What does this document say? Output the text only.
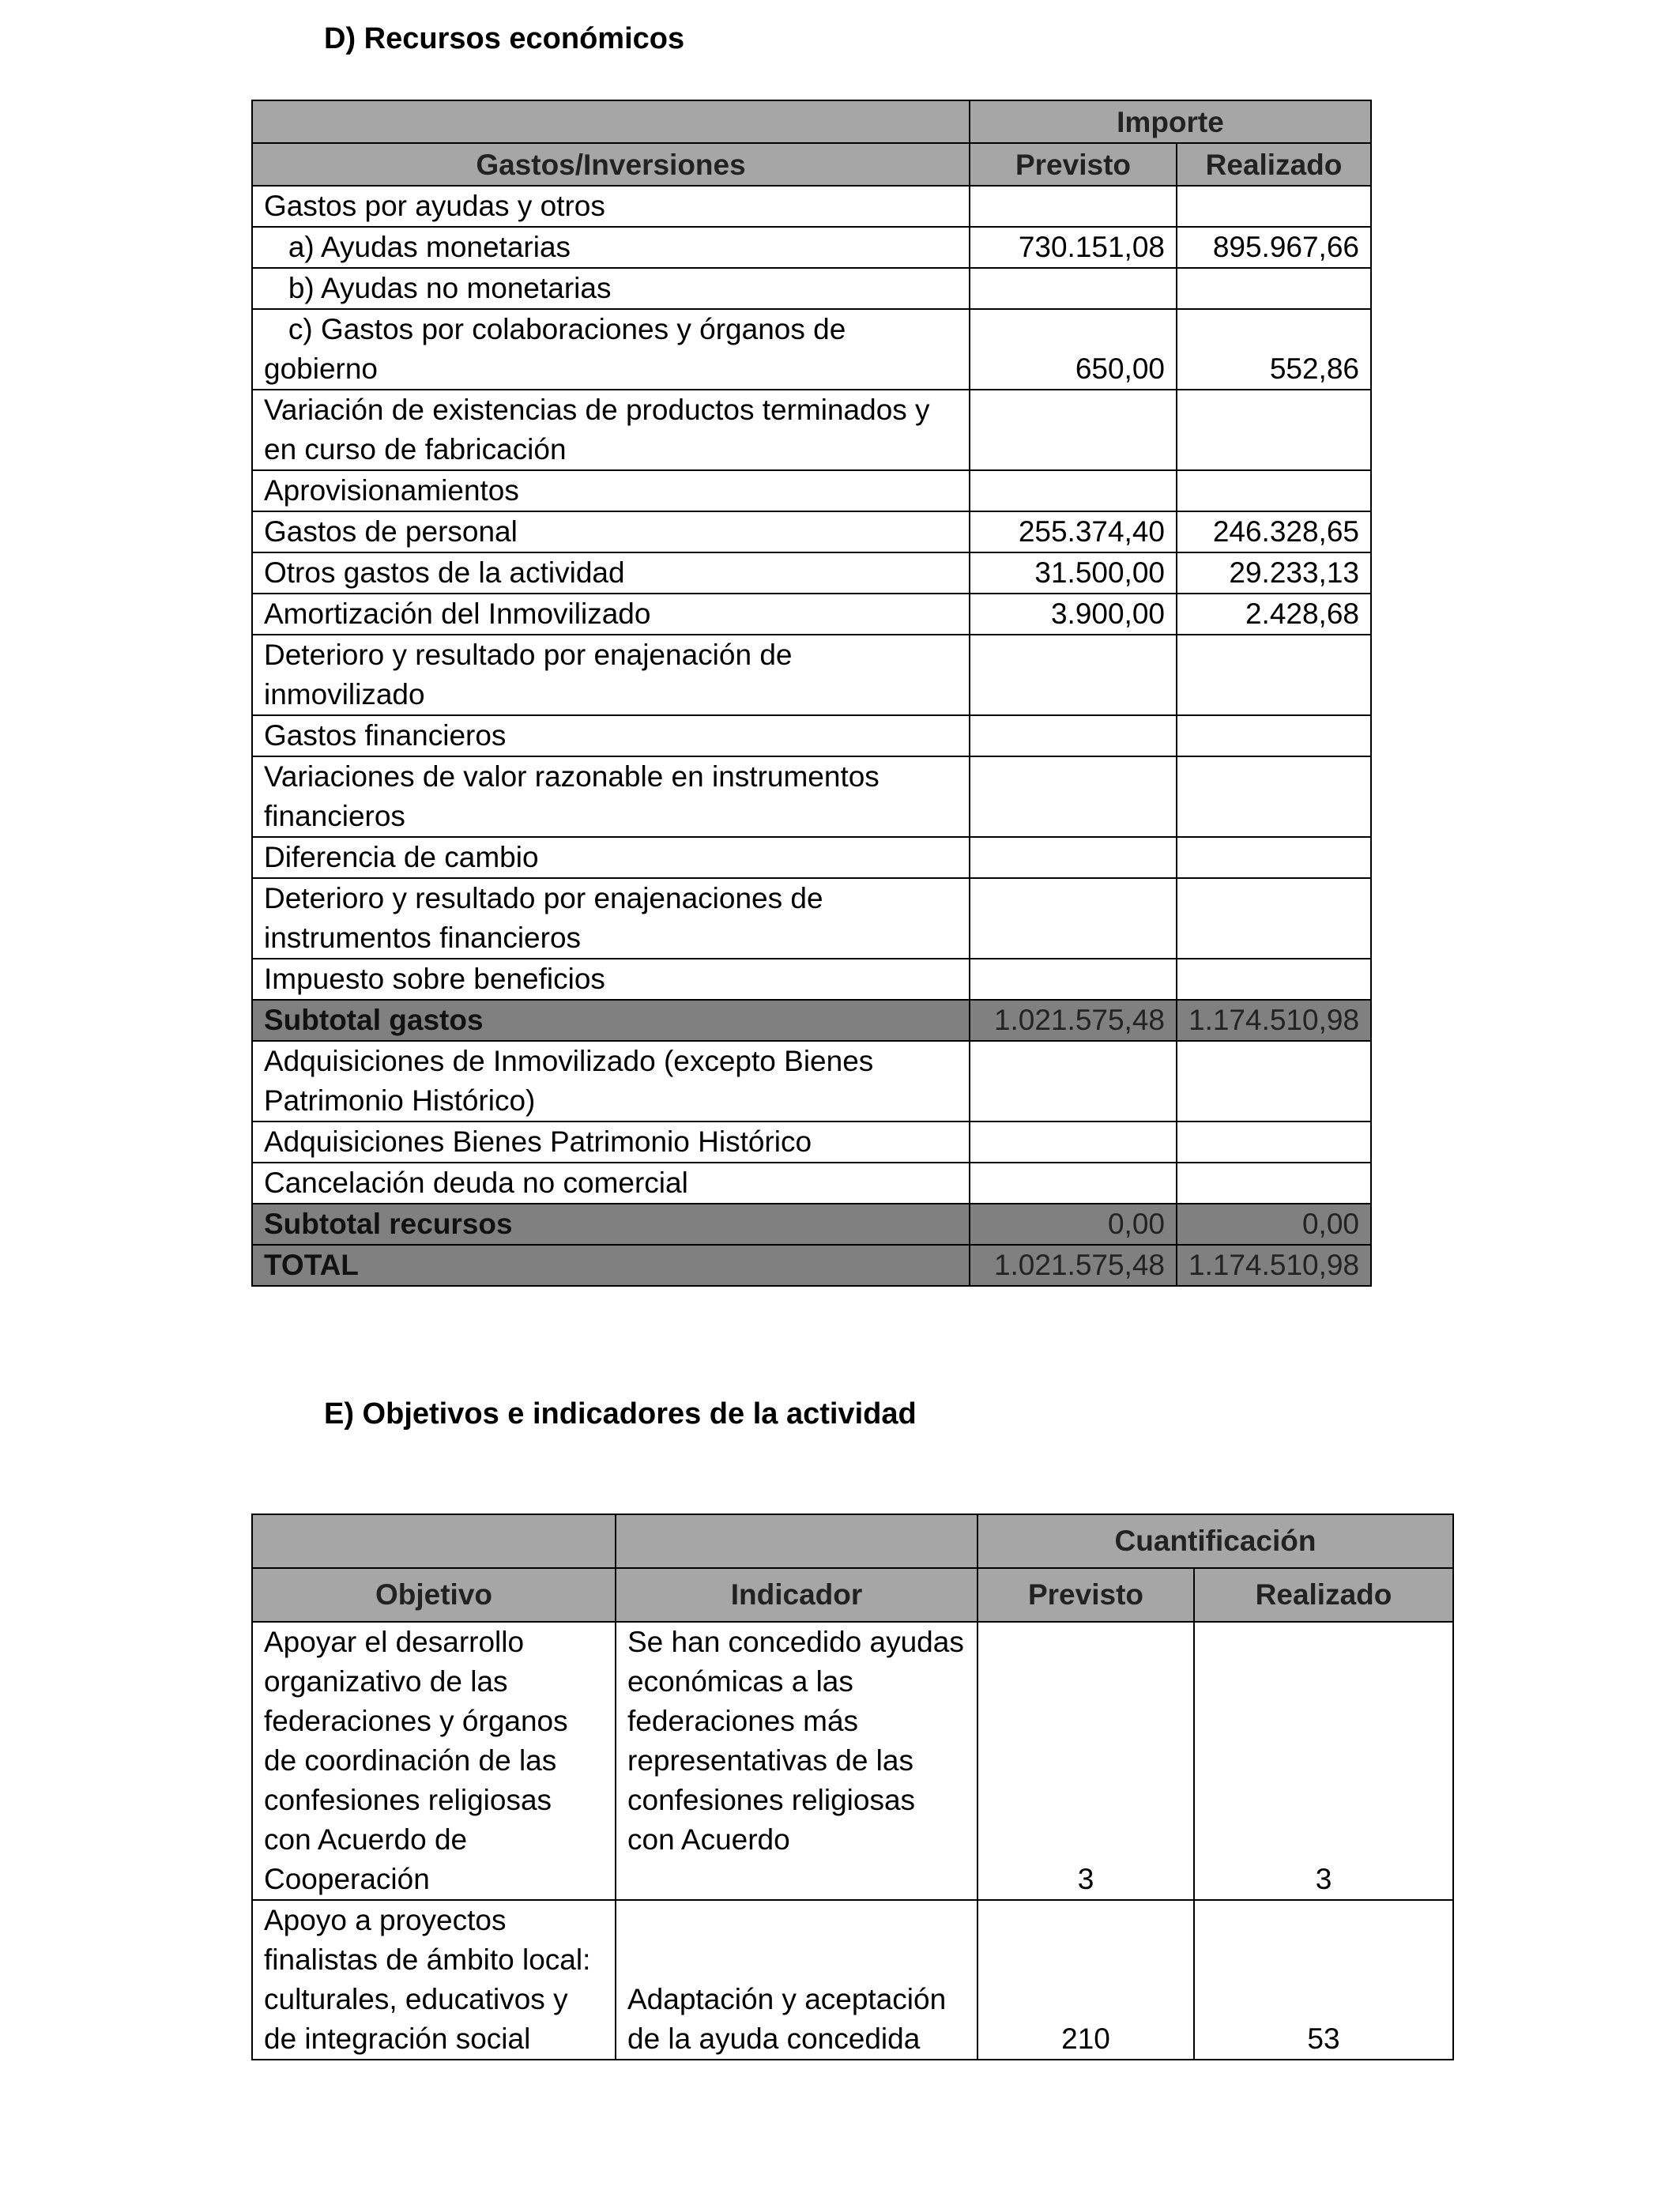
D) Recursos económicos
	Importe	
Gastos/Inversiones	Previsto	Realizado
Gastos por ayudas y otros		
a) Ayudas monetarias	730.151,08	895.967,66
b) Ayudas no monetarias		
c) Gastos por colaboraciones y órganos de gobierno	650,00	552,86
Variación de existencias de productos terminados y en curso de fabricación		
Aprovisionamientos		
Gastos de personal	255.374,40	246.328,65
Otros gastos de la actividad	31.500,00	29.233,13
Amortización del Inmovilizado	3.900,00	2.428,68
Deterioro y resultado por enajenación de inmovilizado		
Gastos financieros		
Variaciones de valor razonable en instrumentos financieros		
Diferencia de cambio		
Deterioro y resultado por enajenaciones de instrumentos financieros		
Impuesto sobre beneficios		
Subtotal gastos	1.021.575,48	1.174.510,98
Adquisiciones de Inmovilizado (excepto Bienes Patrimonio Histórico)		
Adquisiciones Bienes Patrimonio Histórico		
Cancelación deuda no comercial		
Subtotal recursos	0,00	0,00
TOTAL	1.021.575,48	1.174.510,98
E) Objetivos e indicadores de la actividad
		Cuantificación	
Objetivo	Indicador	Previsto	Realizado
Apoyar el desarrollo organizativo de las federaciones y órganos de coordinación de las confesiones religiosas con Acuerdo de Cooperación	Se han concedido ayudas económicas a las federaciones más representativas de las confesiones religiosas con Acuerdo	3	3
Apoyo a proyectos finalistas de ámbito local: culturales, educativos y de integración social	Adaptación y aceptación de la ayuda concedida	210	53
